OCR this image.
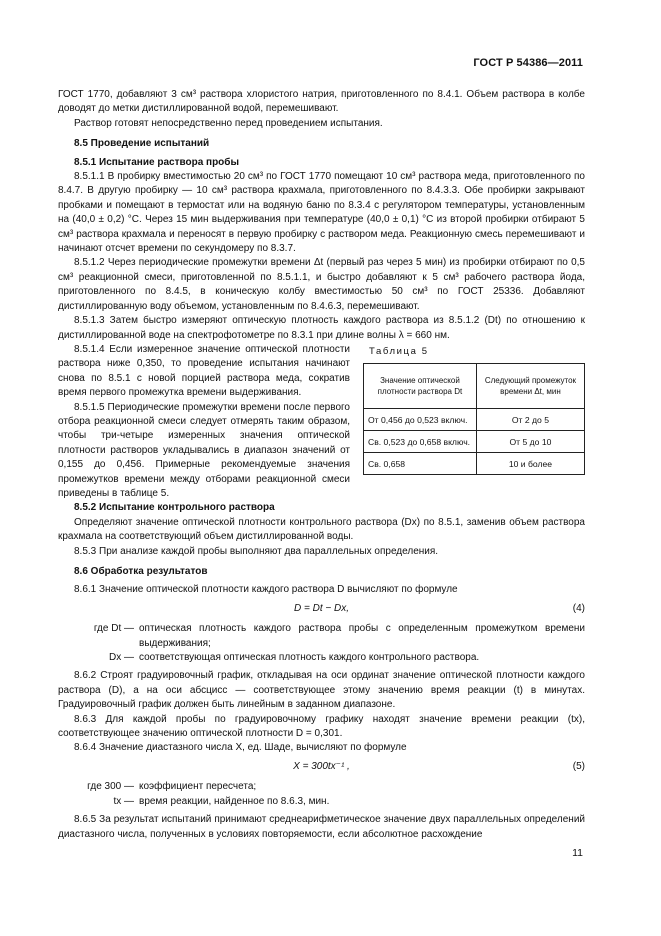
ГОСТ Р 54386—2011

ГОСТ 1770, добавляют 3 см³ раствора хлористого натрия, приготовленного по 8.4.1. Объем раствора в колбе доводят до метки дистиллированной водой, перемешивают.

Раствор готовят непосредственно перед проведением испытания.

8.5 Проведение испытаний

8.5.1 Испытание раствора пробы

8.5.1.1 В пробирку вместимостью 20 см³ по ГОСТ 1770 помещают 10 см³ раствора меда, приготовленного по 8.4.7. В другую пробирку — 10 см³ раствора крахмала, приготовленного по 8.4.3.3. Обе пробирки закрывают пробками и помещают в термостат или на водяную баню по 8.3.4 с регулятором температуры, установленным на (40,0 ± 0,2) °С. Через 15 мин выдерживания при температуре (40,0 ± 0,1) °С из второй пробирки отбирают 5 см³ раствора крахмала и переносят в первую пробирку с раствором меда. Реакционную смесь перемешивают и начинают отсчет времени по секундомеру по 8.3.7.

8.5.1.2 Через периодические промежутки времени Δt (первый раз через 5 мин) из пробирки отбирают по 0,5 см³ реакционной смеси, приготовленной по 8.5.1.1, и быстро добавляют к 5 см³ рабочего раствора йода, приготовленного по 8.4.5, в коническую колбу вместимостью 50 см³ по ГОСТ 25336. Добавляют дистиллированную воду объемом, установленным по 8.4.6.3, перемешивают.

8.5.1.3 Затем быстро измеряют оптическую плотность каждого раствора из 8.5.1.2 (Dt) по отношению к дистиллированной воде на спектрофотометре по 8.3.1 при длине волны λ = 660 нм.

8.5.1.4 Если измеренное значение оптической плотности раствора ниже 0,350, то проведение испытания начинают снова по 8.5.1 с новой порцией раствора меда, сократив время первого промежутка времени выдерживания.

8.5.1.5 Периодические промежутки времени после первого отбора реакционной смеси следует отмерять таким образом, чтобы три-четыре измеренных значения оптической плотности растворов укладывались в диапазон значений от 0,155 до 0,456. Примерные рекомендуемые значения промежутков времени между отборами реакционной смеси приведены в таблице 5.

Таблица 5
Значение оптической плотности раствора Dt	Следующий промежуток времени Δt, мин
От 0,456 до 0,523 включ.	От 2 до 5
Св. 0,523 до 0,658 включ.	От 5 до 10
Св. 0,658	10 и более

8.5.2 Испытание контрольного раствора

Определяют значение оптической плотности контрольного раствора (Dx) по 8.5.1, заменив объем раствора крахмала на соответствующий объем дистиллированной воды.

8.5.3 При анализе каждой пробы выполняют два параллельных определения.

8.6 Обработка результатов

8.6.1 Значение оптической плотности каждого раствора D вычисляют по формуле

D = Dt − Dx,	(4)
где Dt — оптическая плотность каждого раствора пробы с определенным промежутком времени выдерживания;
Dx — соответствующая оптическая плотность каждого контрольного раствора.

8.6.2 Строят градуировочный график, откладывая на оси ординат значение оптической плотности каждого раствора (D), а на оси абсцисс — соответствующее этому значению время реакции (t) в минутах. Градуировочный график должен быть линейным в заданном диапазоне.

8.6.3 Для каждой пробы по градуировочному графику находят значение времени реакции (tx), соответствующее значению оптической плотности D = 0,301.

8.6.4 Значение диастазного числа X, ед. Шаде, вычисляют по формуле

X = 300tx⁻¹ ,	(5)
где 300 — коэффициент пересчета;
tx — время реакции, найденное по 8.6.3, мин.

8.6.5 За результат испытаний принимают среднеарифметическое значение двух параллельных определений диастазного числа, полученных в условиях повторяемости, если абсолютное расхождение

11
